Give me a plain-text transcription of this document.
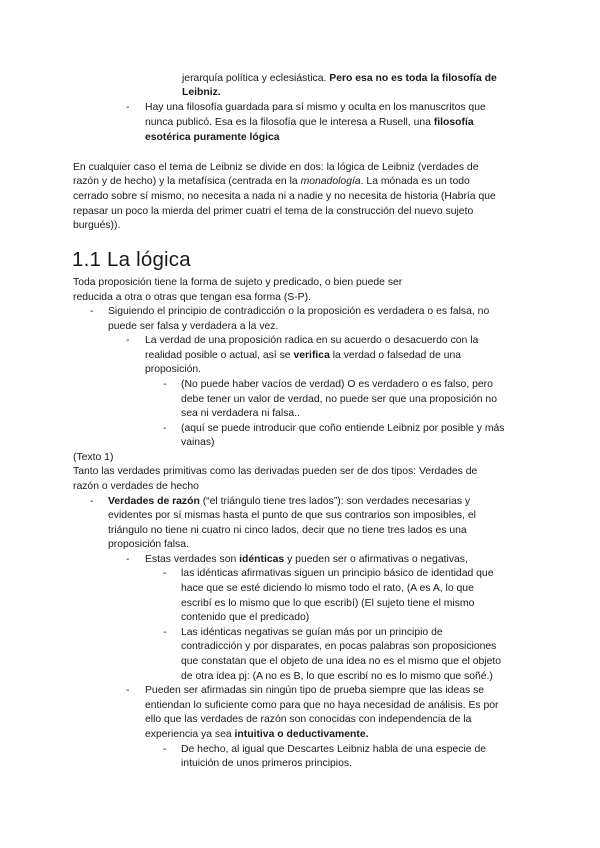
jerarquía política y eclesiástica. Pero esa no es toda la filosofía de
Leibniz.
- Hay una filosofía guardada para sí mismo y oculta en los manuscritos que
nunca publicó. Esa es la filosofía que le interesa a Rusell, una filosofía
esotérica puramente lógica
En cualquier caso el tema de Leibniz se divide en dos: la lógica de Leibniz (verdades de
razón y de hecho) y la metafísica (centrada en la monadología. La mónada es un todo
cerrado sobre sí mismo, no necesita a nada ni a nadie y no necesita de historia (Habría que
repasar un poco la mierda del primer cuatri el tema de la construcción del nuevo sujeto
burgués)).
1.1 La lógica
Toda proposición tiene la forma de sujeto y predicado, o bien puede ser
reducida a otra o otras que tengan esa forma (S-P).
- Siguiendo el principio de contradicción o la proposición es verdadera o es falsa, no
puede ser falsa y verdadera a la vez.
- La verdad de una proposición radica en su acuerdo o desacuerdo con la
realidad posible o actual, así se verifica la verdad o falsedad de una
proposición.
- (No puede haber vacíos de verdad) O es verdadero o es falso, pero
debe tener un valor de verdad, no puede ser que una proposición no
sea ni verdadera ni falsa..
- (aquí se puede introducir que coño entiende Leibniz por posible y más
vainas)
(Texto 1)
Tanto las verdades primitivas como las derivadas pueden ser de dos tipos: Verdades de
razón o verdades de hecho
- Verdades de razón (“el triángulo tiene tres lados”): son verdades necesarias y
evidentes por sí mismas hasta el punto de que sus contrarios son imposibles, el
triángulo no tiene ni cuatro ni cinco lados, decir que no tiene tres lados es una
proposición falsa.
- Estas verdades son idénticas y pueden ser o afirmativas o negativas,
- las idénticas afirmativas siguen un principio básico de identidad que
hace que se esté diciendo lo mismo todo el rato, (A es A, lo que
escribí es lo mismo que lo que escribí) (El sujeto tiene el mismo
contenido que el predicado)
- Las idénticas negativas se guían más por un principio de
contradicción y por disparates, en pocas palabras son proposiciones
que constatan que el objeto de una idea no es el mismo que el objeto
de otra idea pj: (A no es B, lo que escribí no es lo mismo que soñé.)
- Pueden ser afirmadas sin ningún tipo de prueba siempre que las ideas se
entiendan lo suficiente como para que no haya necesidad de análisis. Es por
ello que las verdades de razón son conocidas con independencia de la
experiencia ya sea intuitiva o deductivamente.
- De hecho, al igual que Descartes Leibniz habla de una especie de
intuición de unos primeros principios.
